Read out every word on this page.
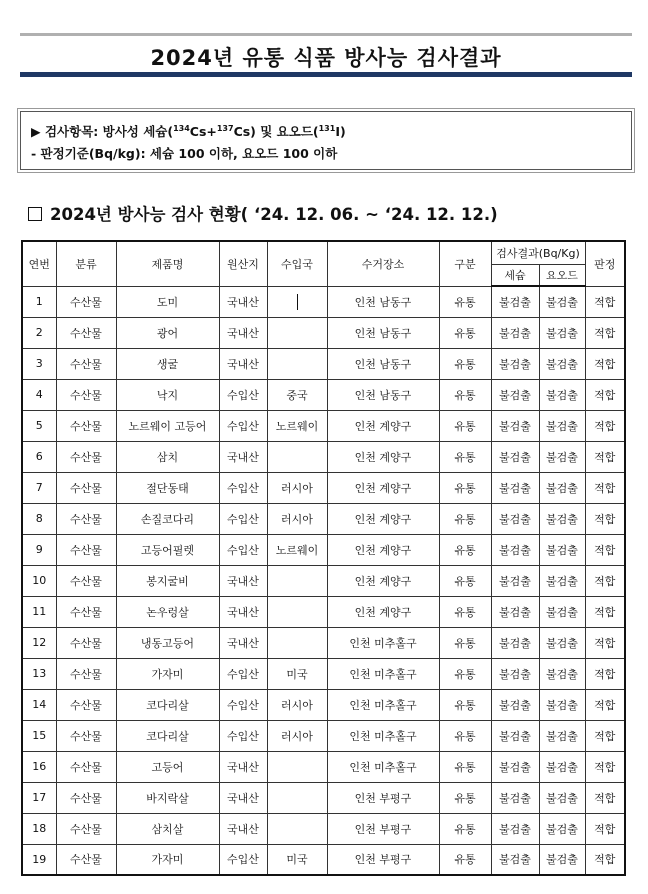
2024년 유통 식품 방사능 검사결과
▶ 검사항목: 방사성 세슘($^{134}$Cs+$^{137}$Cs) 및 요오드($^{131}$I)
- 판정기준(Bq/kg): 세슘 100 이하, 요오드 100 이하
2024년 방사능 검사 현황( ‘24. 12. 06. ~ ‘24. 12. 12.)
연번	분류	제품명	원산지	수입국	수거장소	구분	검사결과(Bq/Kg)		판정
							세슘	요오드	
1	수산물	도미	국내산		인천 남동구	유통	불검출	불검출	적합
2	수산물	광어	국내산		인천 남동구	유통	불검출	불검출	적합
3	수산물	생굴	국내산		인천 남동구	유통	불검출	불검출	적합
4	수산물	낙지	수입산	중국	인천 남동구	유통	불검출	불검출	적합
5	수산물	노르웨이 고등어	수입산	노르웨이	인천 계양구	유통	불검출	불검출	적합
6	수산물	삼치	국내산		인천 계양구	유통	불검출	불검출	적합
7	수산물	절단동태	수입산	러시아	인천 계양구	유통	불검출	불검출	적합
8	수산물	손질코다리	수입산	러시아	인천 계양구	유통	불검출	불검출	적합
9	수산물	고등어필렛	수입산	노르웨이	인천 계양구	유통	불검출	불검출	적합
10	수산물	봉지굴비	국내산		인천 계양구	유통	불검출	불검출	적합
11	수산물	논우렁살	국내산		인천 계양구	유통	불검출	불검출	적합
12	수산물	냉동고등어	국내산		인천 미추홀구	유통	불검출	불검출	적합
13	수산물	가자미	수입산	미국	인천 미추홀구	유통	불검출	불검출	적합
14	수산물	코다리살	수입산	러시아	인천 미추홀구	유통	불검출	불검출	적합
15	수산물	코다리살	수입산	러시아	인천 미추홀구	유통	불검출	불검출	적합
16	수산물	고등어	국내산		인천 미추홀구	유통	불검출	불검출	적합
17	수산물	바지락살	국내산		인천 부평구	유통	불검출	불검출	적합
18	수산물	삼치살	국내산		인천 부평구	유통	불검출	불검출	적합
19	수산물	가자미	수입산	미국	인천 부평구	유통	불검출	불검출	적합
